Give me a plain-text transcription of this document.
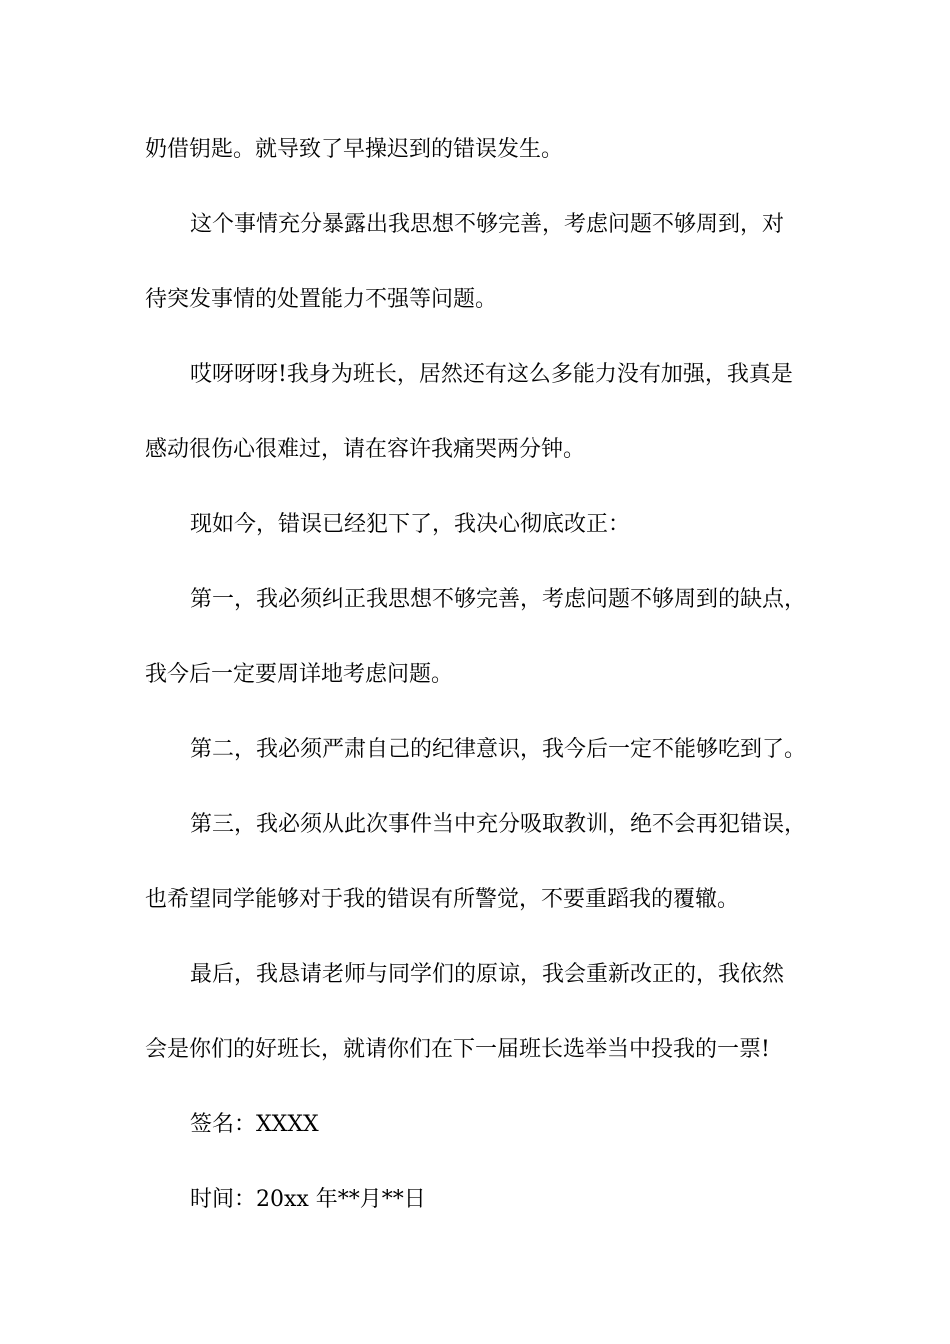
奶借钥匙。就导致了早操迟到的错误发生。
这个事情充分暴露出我思想不够完善，考虑问题不够周到，对
待突发事情的处置能力不强等问题。
哎呀呀呀!我身为班长，居然还有这么多能力没有加强，我真是
感动很伤心很难过，请在容许我痛哭两分钟。
现如今，错误已经犯下了，我决心彻底改正：
第一，我必须纠正我思想不够完善，考虑问题不够周到的缺点，
我今后一定要周详地考虑问题。
第二，我必须严肃自己的纪律意识，我今后一定不能够吃到了。
第三，我必须从此次事件当中充分吸取教训，绝不会再犯错误，
也希望同学能够对于我的错误有所警觉，不要重蹈我的覆辙。
最后，我恳请老师与同学们的原谅，我会重新改正的，我依然
会是你们的好班长，就请你们在下一届班长选举当中投我的一票!
签名：XXXX
时间：20xx 年**月**日
